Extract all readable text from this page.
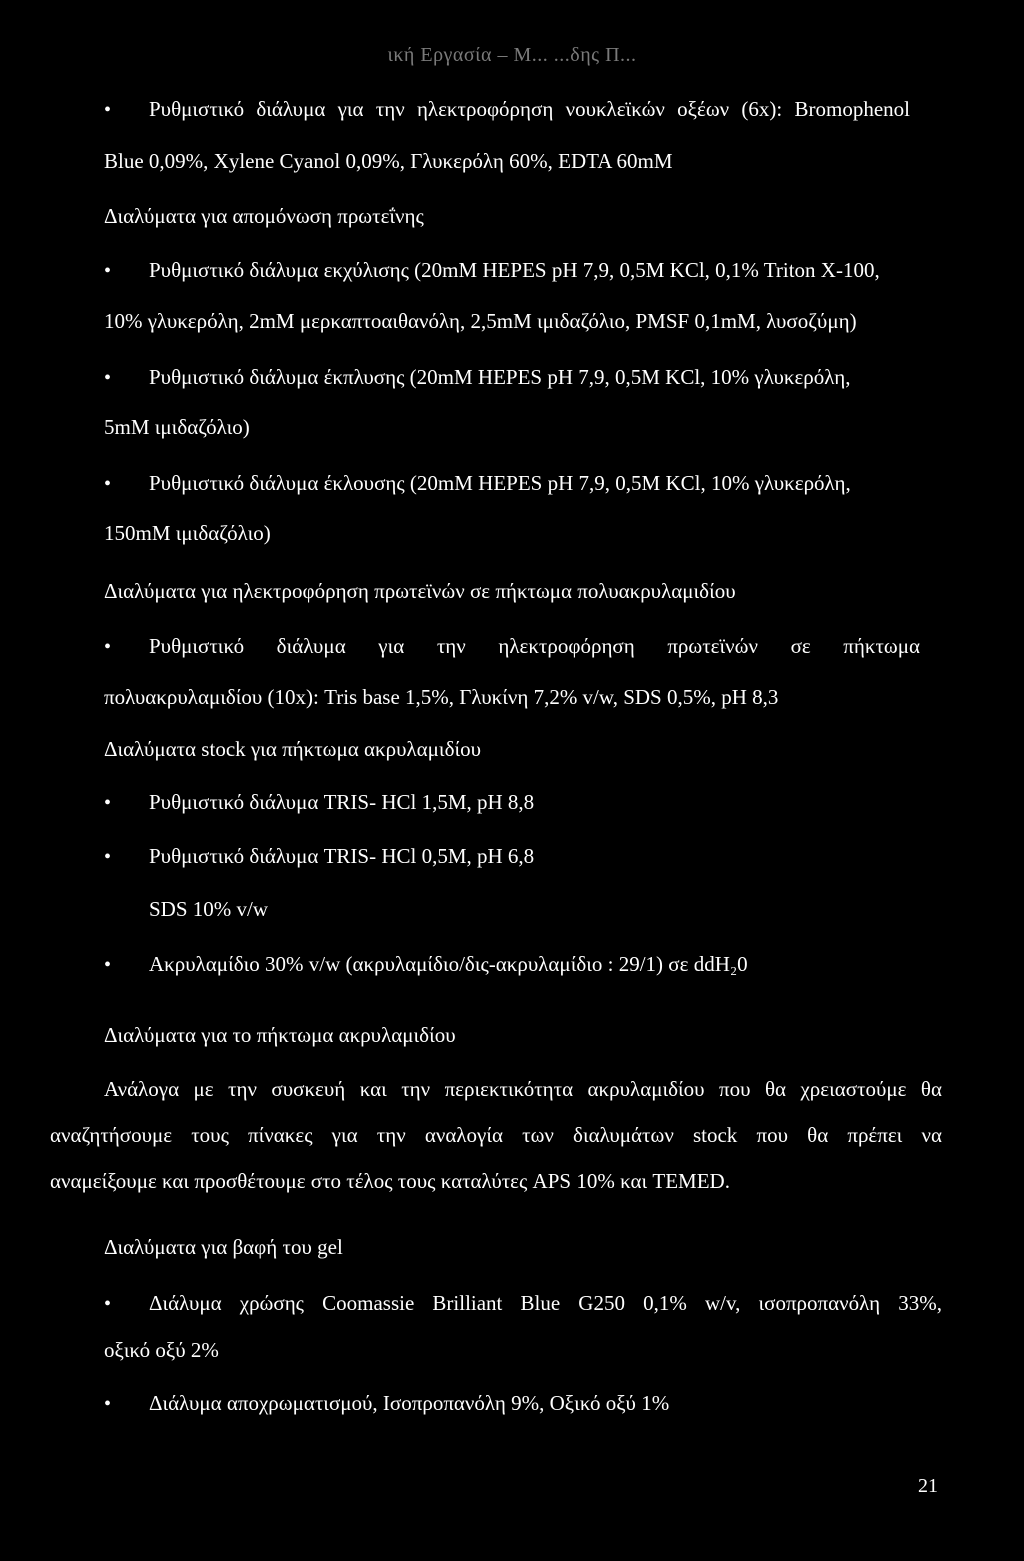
ική Εργασία – Μ... ...δης Π...
• Ρυθμιστικό διάλυμα για την ηλεκτροφόρηση νουκλεϊκών οξέων (6x): Bromophenol
Blue 0,09%, Xylene Cyanol 0,09%, Γλυκερόλη 60%, EDTA 60mM
Διαλύματα για απομόνωση πρωτεΐνης
• Ρυθμιστικό διάλυμα εκχύλισης (20mM HEPES pH 7,9, 0,5M KCl, 0,1% Triton X-100,
10% γλυκερόλη, 2mM μερκαπτοαιθανόλη, 2,5mM ιμιδαζόλιο, PMSF 0,1mM, λυσοζύμη)
• Ρυθμιστικό διάλυμα έκπλυσης (20mM HEPES pH 7,9, 0,5M KCl, 10% γλυκερόλη,
5mM ιμιδαζόλιο)
• Ρυθμιστικό διάλυμα έκλουσης (20mM HEPES pH 7,9, 0,5M KCl, 10% γλυκερόλη,
150mM ιμιδαζόλιο)
Διαλύματα για ηλεκτροφόρηση πρωτεϊνών σε πήκτωμα πολυακρυλαμιδίου
• Ρυθμιστικό διάλυμα για την ηλεκτροφόρηση πρωτεϊνών σε πήκτωμα
πολυακρυλαμιδίου (10x): Tris base 1,5%, Γλυκίνη 7,2% v/w, SDS 0,5%, pH 8,3
Διαλύματα stock για πήκτωμα ακρυλαμιδίου
• Ρυθμιστικό διάλυμα TRIS- HCl 1,5M, pH 8,8
• Ρυθμιστικό διάλυμα TRIS- HCl 0,5M, pH 6,8
SDS 10% v/w
• Ακρυλαμίδιο 30% v/w (ακρυλαμίδιο/δις-ακρυλαμίδιο : 29/1) σε ddH₂0
Διαλύματα για το πήκτωμα ακρυλαμιδίου
Ανάλογα με την συσκευή και την περιεκτικότητα ακρυλαμιδίου που θα χρειαστούμε θα
αναζητήσουμε τους πίνακες για την αναλογία των διαλυμάτων stock που θα πρέπει να
αναμείξουμε και προσθέτουμε στο τέλος τους καταλύτες APS 10% και TEMED.
Διαλύματα για βαφή του gel
• Διάλυμα χρώσης Coomassie Brilliant Blue G250 0,1% w/v, ισοπροπανόλη 33%,
οξικό οξύ 2%
• Διάλυμα αποχρωματισμού, Ισοπροπανόλη 9%, Οξικό οξύ 1%
21
